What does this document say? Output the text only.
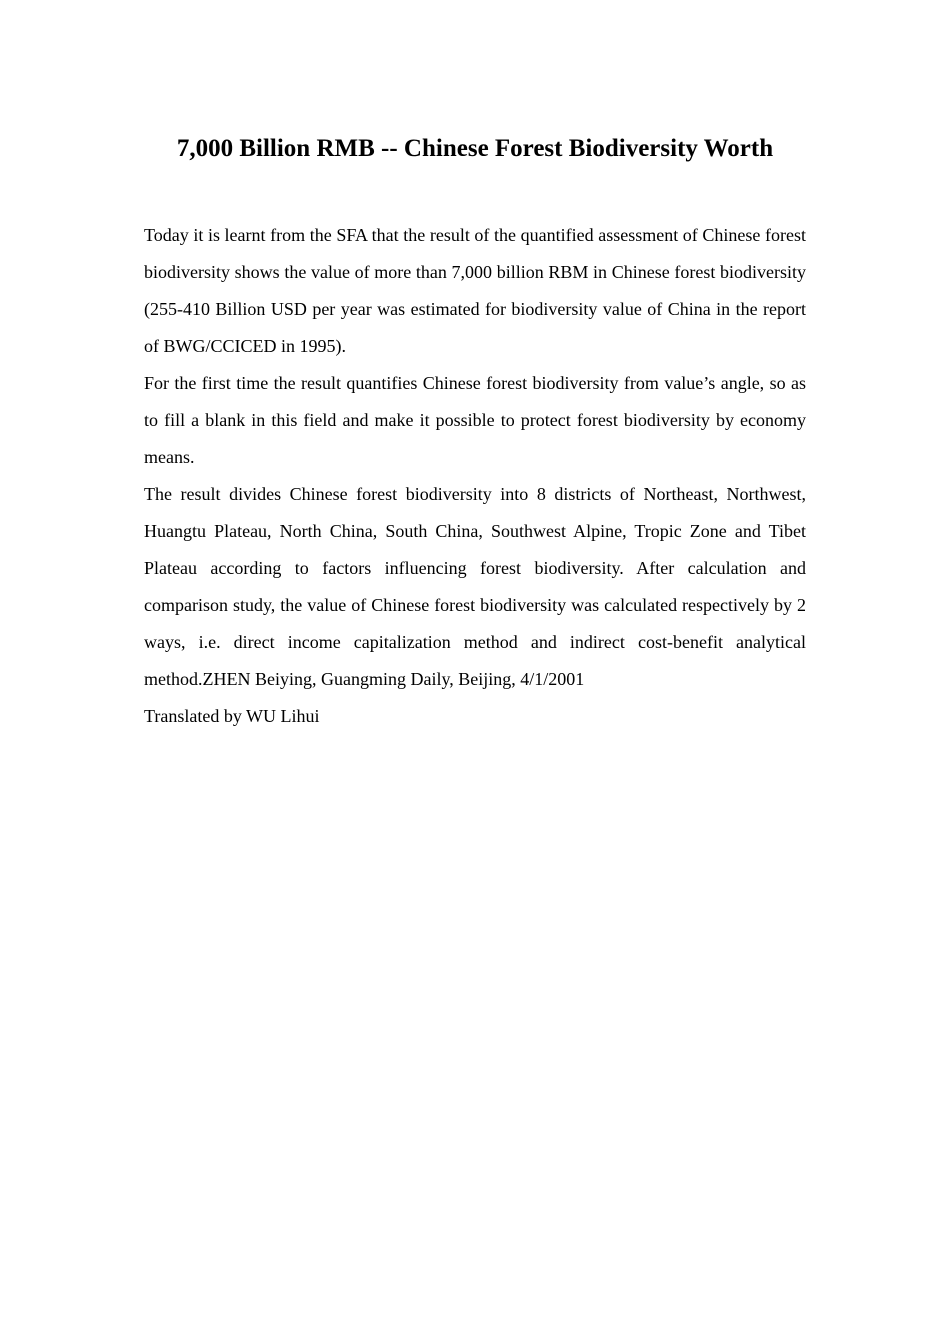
7,000 Billion RMB -- Chinese Forest Biodiversity Worth

Today it is learnt from the SFA that the result of the quantified assessment of Chinese forest biodiversity shows the value of more than 7,000 billion RBM in Chinese forest biodiversity (255-410 Billion USD per year was estimated for biodiversity value of China in the report of BWG/CCICED in 1995).

For the first time the result quantifies Chinese forest biodiversity from value’s angle, so as to fill a blank in this field and make it possible to protect forest biodiversity by economy means.

The result divides Chinese forest biodiversity into 8 districts of Northeast, Northwest, Huangtu Plateau, North China, South China, Southwest Alpine, Tropic Zone and Tibet Plateau according to factors influencing forest biodiversity. After calculation and comparison study, the value of Chinese forest biodiversity was calculated respectively by 2 ways, i.e. direct income capitalization method and indirect cost-benefit analytical method.ZHEN Beiying, Guangming Daily, Beijing, 4/1/2001

Translated by WU Lihui
